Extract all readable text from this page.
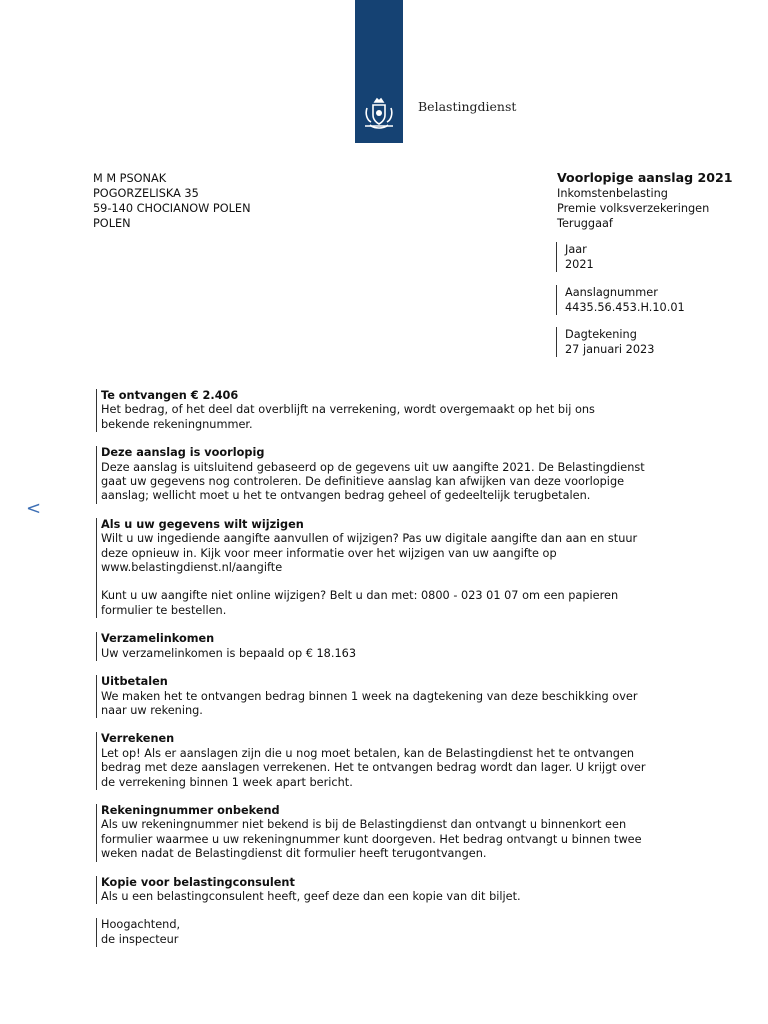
Belastingdienst
M M PSONAK
POGORZELISKA 35
59-140 CHOCIANOW POLEN
POLEN
Voorlopige aanslag 2021
Inkomstenbelasting
Premie volksverzekeringen
Teruggaaf
Jaar
2021
Aanslagnummer
4435.56.453.H.10.01
Dagtekening
27 januari 2023
<
Te ontvangen € 2.406

Het bedrag, of het deel dat overblijft na verrekening, wordt overgemaakt op het bij ons
bekende rekeningnummer.

Deze aanslag is voorlopig

Deze aanslag is uitsluitend gebaseerd op de gegevens uit uw aangifte 2021. De Belastingdienst
gaat uw gegevens nog controleren. De definitieve aanslag kan afwijken van deze voorlopige
aanslag; wellicht moet u het te ontvangen bedrag geheel of gedeeltelijk terugbetalen.

Als u uw gegevens wilt wijzigen

Wilt u uw ingediende aangifte aanvullen of wijzigen? Pas uw digitale aangifte dan aan en stuur
deze opnieuw in. Kijk voor meer informatie over het wijzigen van uw aangifte op
www.belastingdienst.nl/aangifte

Kunt u uw aangifte niet online wijzigen? Belt u dan met: 0800 - 023 01 07 om een papieren
formulier te bestellen.

Verzamelinkomen

Uw verzamelinkomen is bepaald op € 18.163

Uitbetalen

We maken het te ontvangen bedrag binnen 1 week na dagtekening van deze beschikking over
naar uw rekening.

Verrekenen

Let op! Als er aanslagen zijn die u nog moet betalen, kan de Belastingdienst het te ontvangen
bedrag met deze aanslagen verrekenen. Het te ontvangen bedrag wordt dan lager. U krijgt over
de verrekening binnen 1 week apart bericht.

Rekeningnummer onbekend

Als uw rekeningnummer niet bekend is bij de Belastingdienst dan ontvangt u binnenkort een
formulier waarmee u uw rekeningnummer kunt doorgeven. Het bedrag ontvangt u binnen twee
weken nadat de Belastingdienst dit formulier heeft terugontvangen.

Kopie voor belastingconsulent

Als u een belastingconsulent heeft, geef deze dan een kopie van dit biljet.

Hoogachtend,

de inspecteur
